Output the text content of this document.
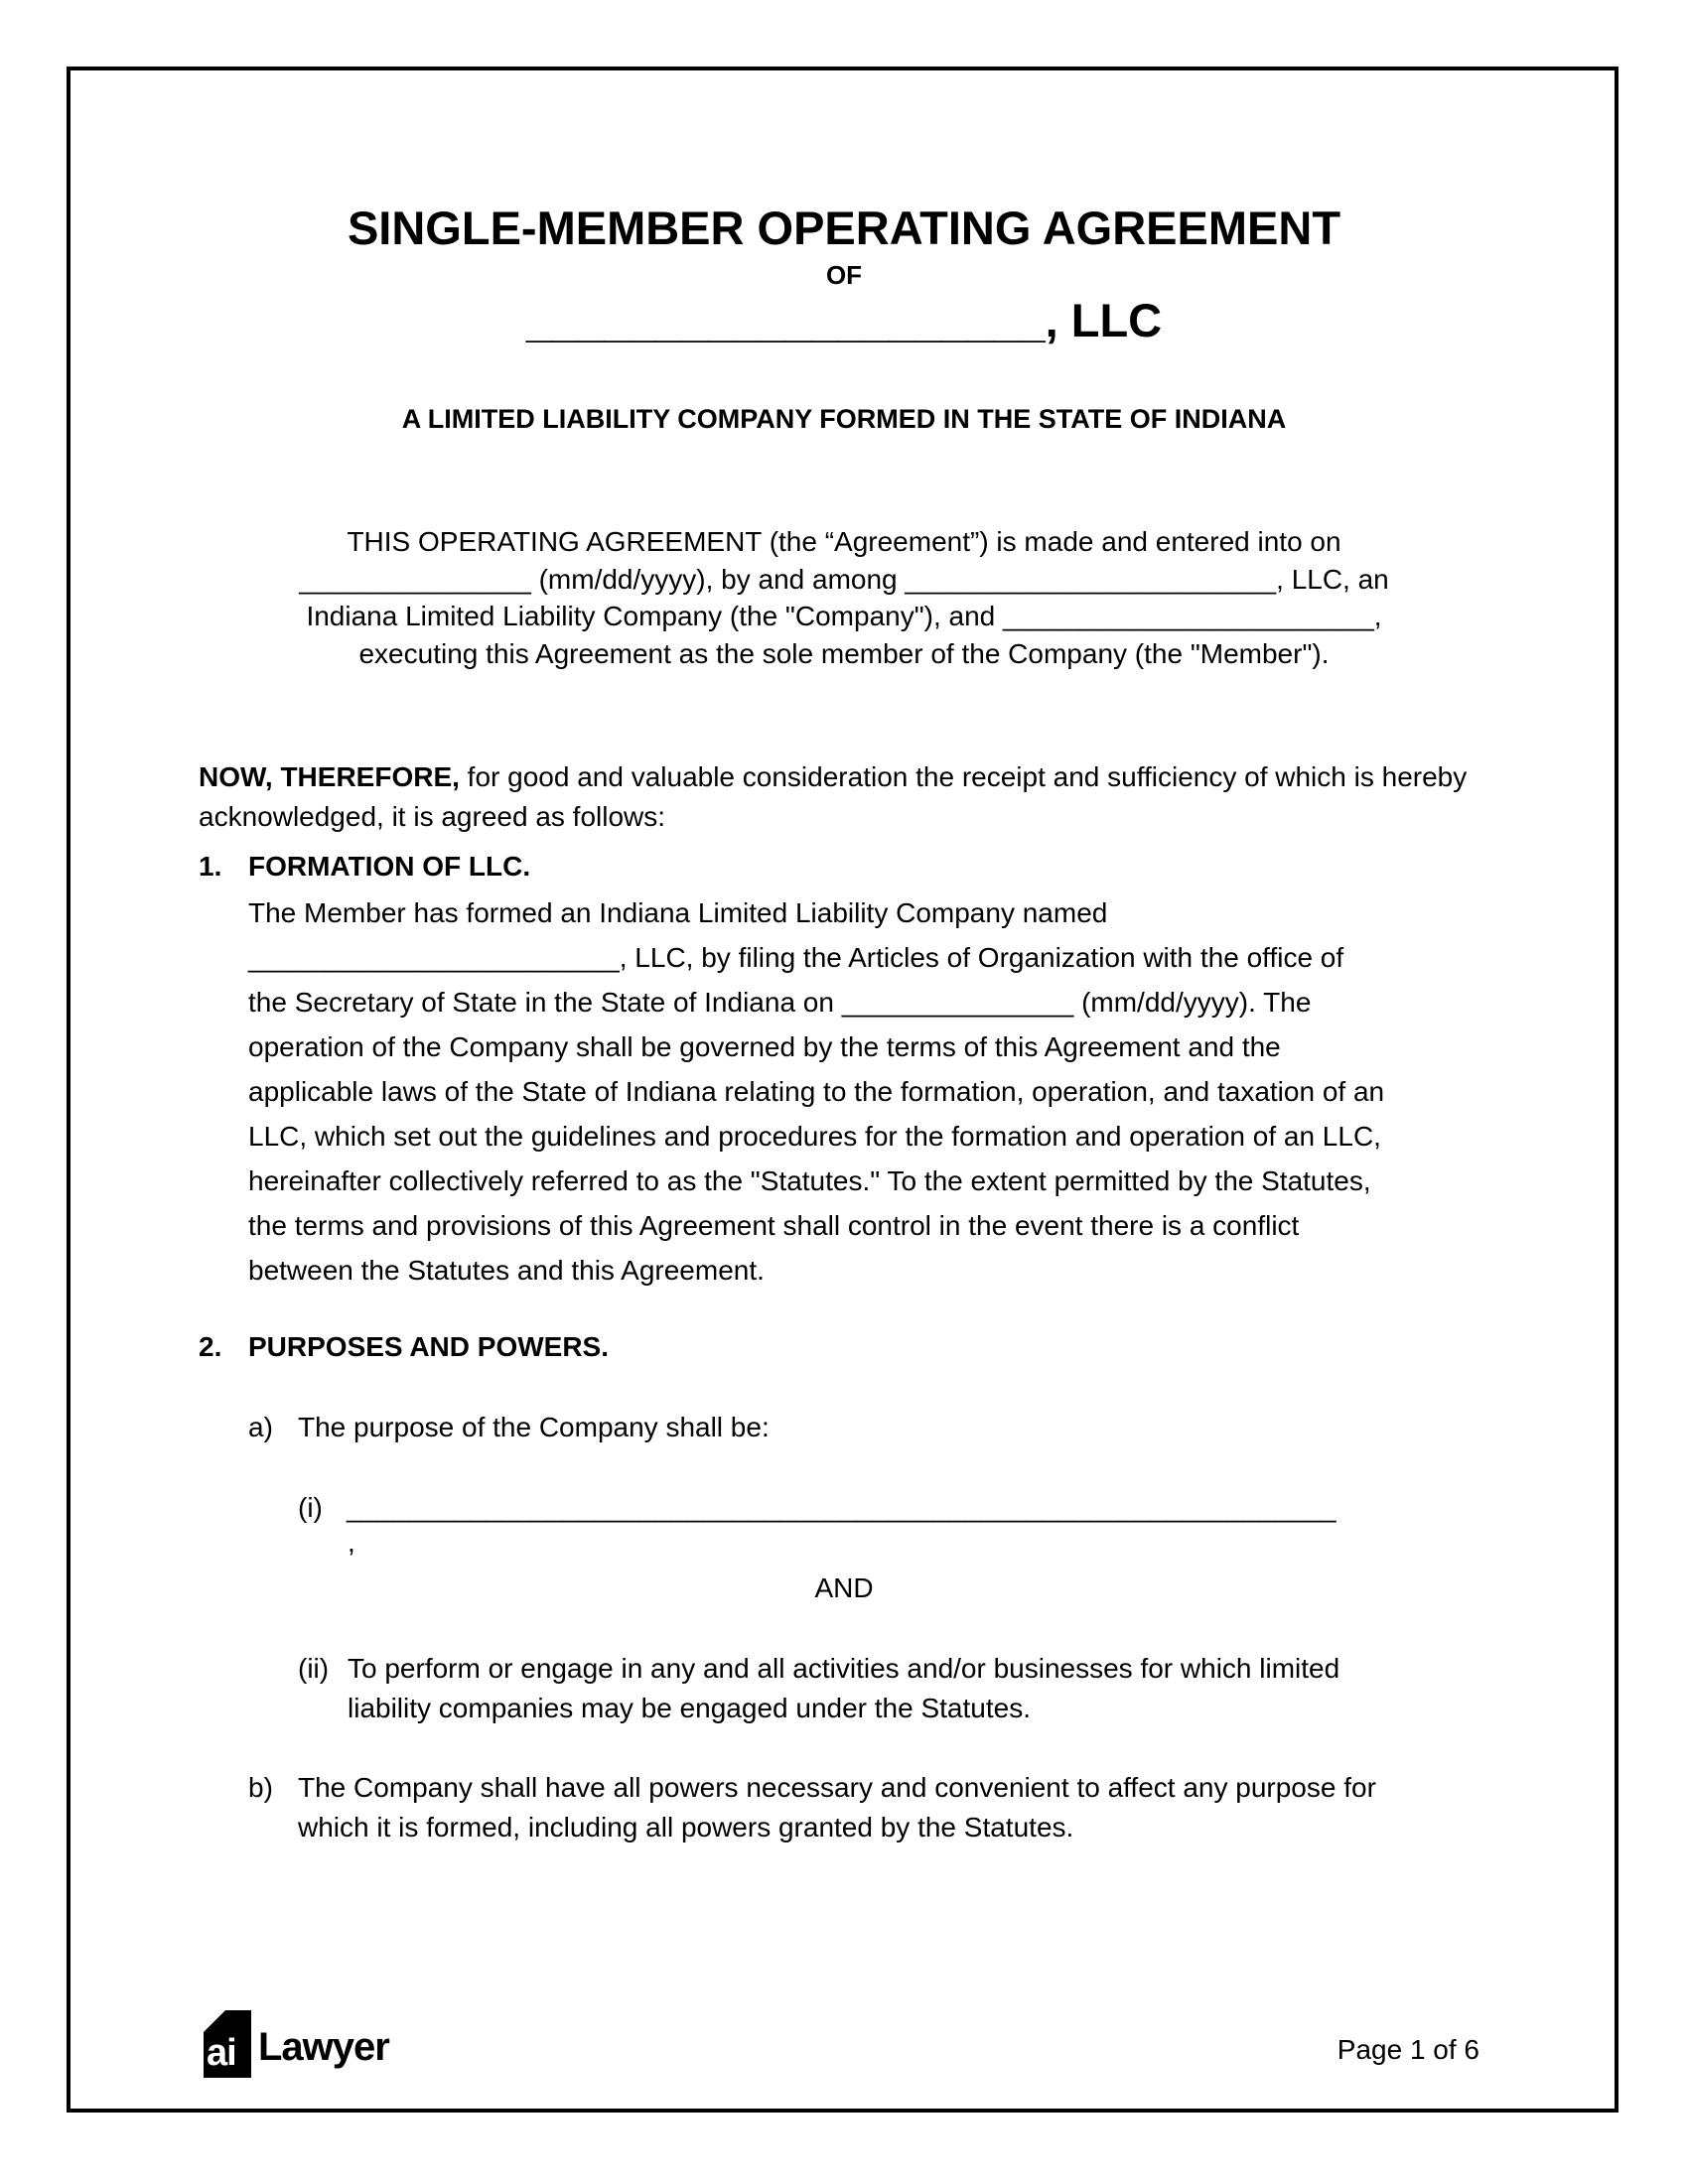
SINGLE-MEMBER OPERATING AGREEMENT
OF
____________________, LLC
A LIMITED LIABILITY COMPANY FORMED IN THE STATE OF INDIANA
THIS OPERATING AGREEMENT (the “Agreement”) is made and entered into on
_______________ (mm/dd/yyyy), by and among ________________________, LLC, an
Indiana Limited Liability Company (the "Company"), and ________________________,
executing this Agreement as the sole member of the Company (the "Member").
NOW, THEREFORE, for good and valuable consideration the receipt and sufficiency of which is hereby acknowledged, it is agreed as follows:
1. FORMATION OF LLC.
The Member has formed an Indiana Limited Liability Company named
________________________, LLC, by filing the Articles of Organization with the office of
the Secretary of State in the State of Indiana on _______________ (mm/dd/yyyy). The
operation of the Company shall be governed by the terms of this Agreement and the
applicable laws of the State of Indiana relating to the formation, operation, and taxation of an
LLC, which set out the guidelines and procedures for the formation and operation of an LLC,
hereinafter collectively referred to as the "Statutes." To the extent permitted by the Statutes,
the terms and provisions of this Agreement shall control in the event there is a conflict
between the Statutes and this Agreement.
2. PURPOSES AND POWERS.
a) The purpose of the Company shall be:
(i) ________________________________________________________________
,
AND
(ii) To perform or engage in any and all activities and/or businesses for which limited
liability companies may be engaged under the Statutes.
b) The Company shall have all powers necessary and convenient to affect any purpose for
which it is formed, including all powers granted by the Statutes.
ai Lawyer	Page 1 of 6
